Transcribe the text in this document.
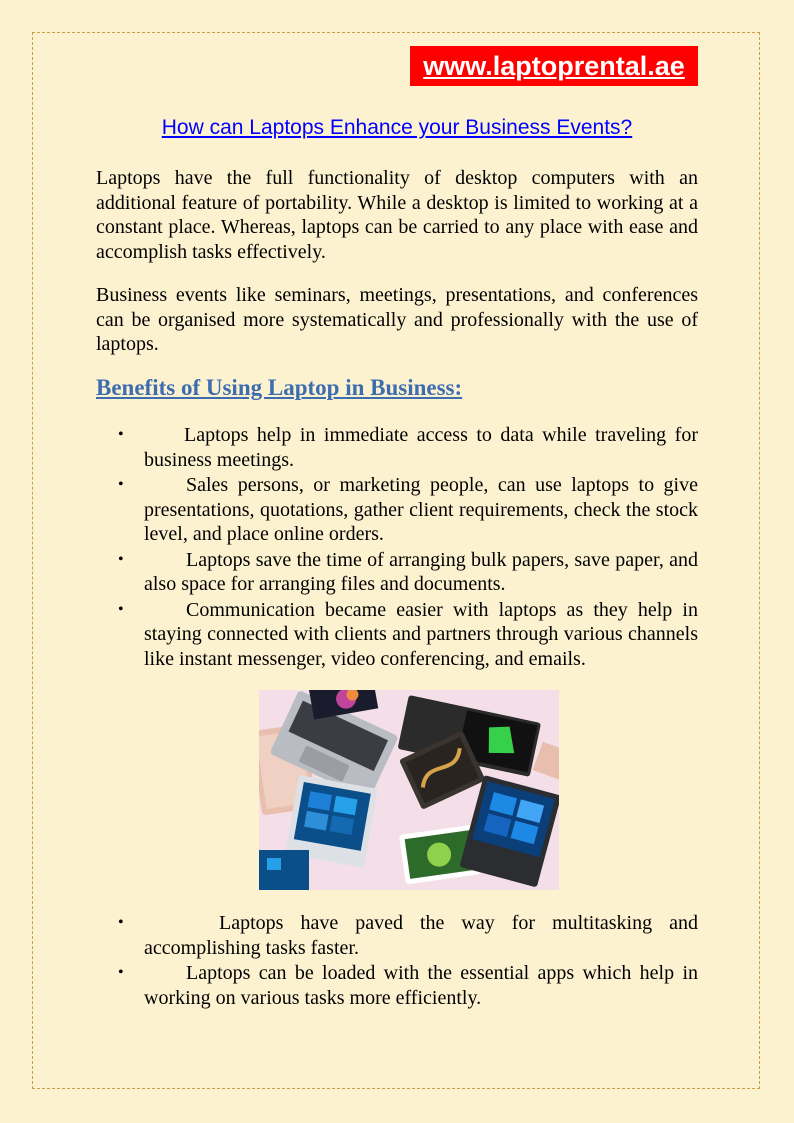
www.laptoprental.ae
How can Laptops Enhance your Business Events?

Laptops have the full functionality of desktop computers with an additional feature of portability. While a desktop is limited to working at a constant place. Whereas, laptops can be carried to any place with ease and accomplish tasks effectively.

Business events like seminars, meetings, presentations, and conferences can be organised more systematically and professionally with the use of laptops.

Benefits of Using Laptop in Business:
•	Laptops help in immediate access to data while traveling for business meetings.
•	Sales persons, or marketing people, can use laptops to give presentations, quotations, gather client requirements, check the stock level, and place online orders.
•	Laptops save the time of arranging bulk papers, save paper, and also space for arranging files and documents.
•	Communication became easier with laptops as they help in staying connected with clients and partners through various channels like instant messenger, video conferencing, and emails.
•	Laptops have paved the way for multitasking and accomplishing tasks faster.
•	Laptops can be loaded with the essential apps which help in working on various tasks more efficiently.
